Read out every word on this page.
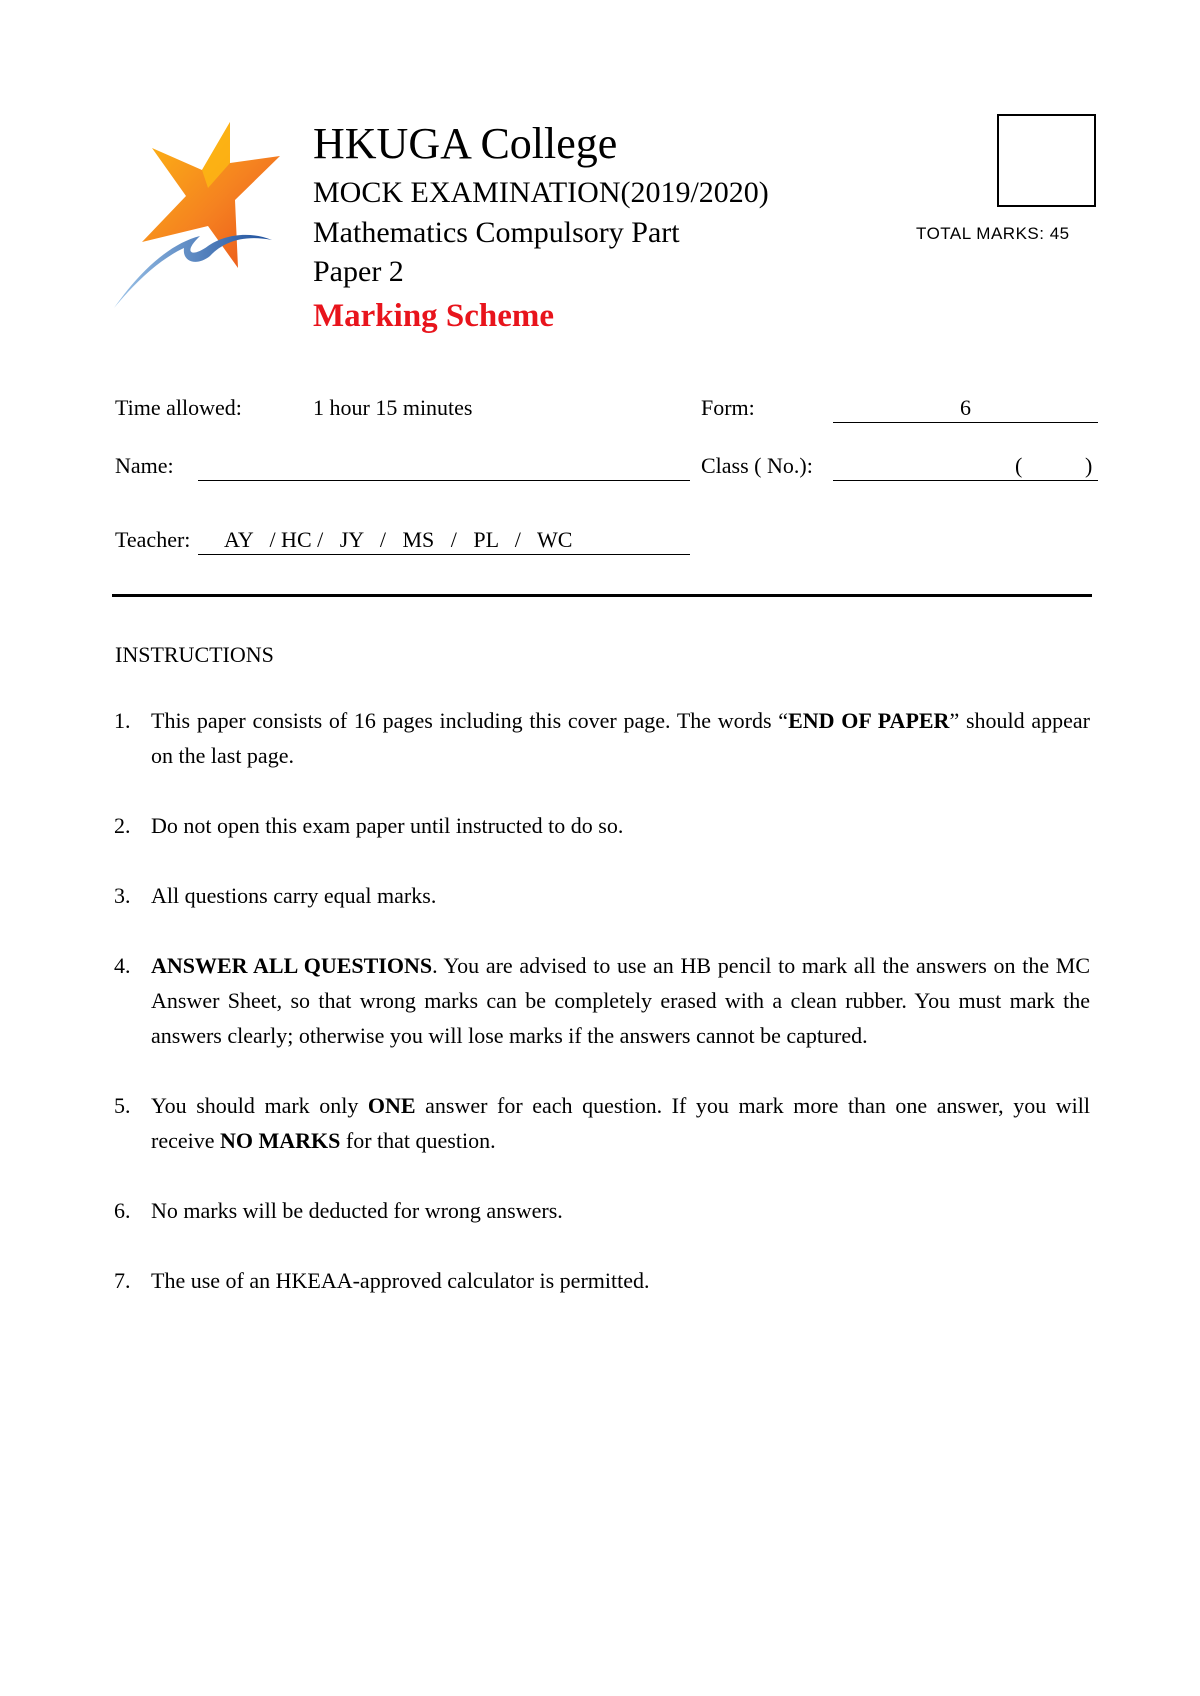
HKUGA College
MOCK EXAMINATION(2019/2020)
Mathematics Compulsory Part
Paper 2
Marking Scheme
TOTAL MARKS: 45
Time allowed:	1 hour 15 minutes	Form:	6
Name:	Class ( No.):	(	)
Teacher:	AY   / HC /   JY   /   MS   /   PL   /   WC
INSTRUCTIONS
1. This paper consists of 16 pages including this cover page. The words “END OF PAPER” should appear on the last page.
2. Do not open this exam paper until instructed to do so.
3. All questions carry equal marks.
4. ANSWER ALL QUESTIONS. You are advised to use an HB pencil to mark all the answers on the MC Answer Sheet, so that wrong marks can be completely erased with a clean rubber. You must mark the answers clearly; otherwise you will lose marks if the answers cannot be captured.
5. You should mark only ONE answer for each question. If you mark more than one answer, you will receive NO MARKS for that question.
6. No marks will be deducted for wrong answers.
7. The use of an HKEAA-approved calculator is permitted.
